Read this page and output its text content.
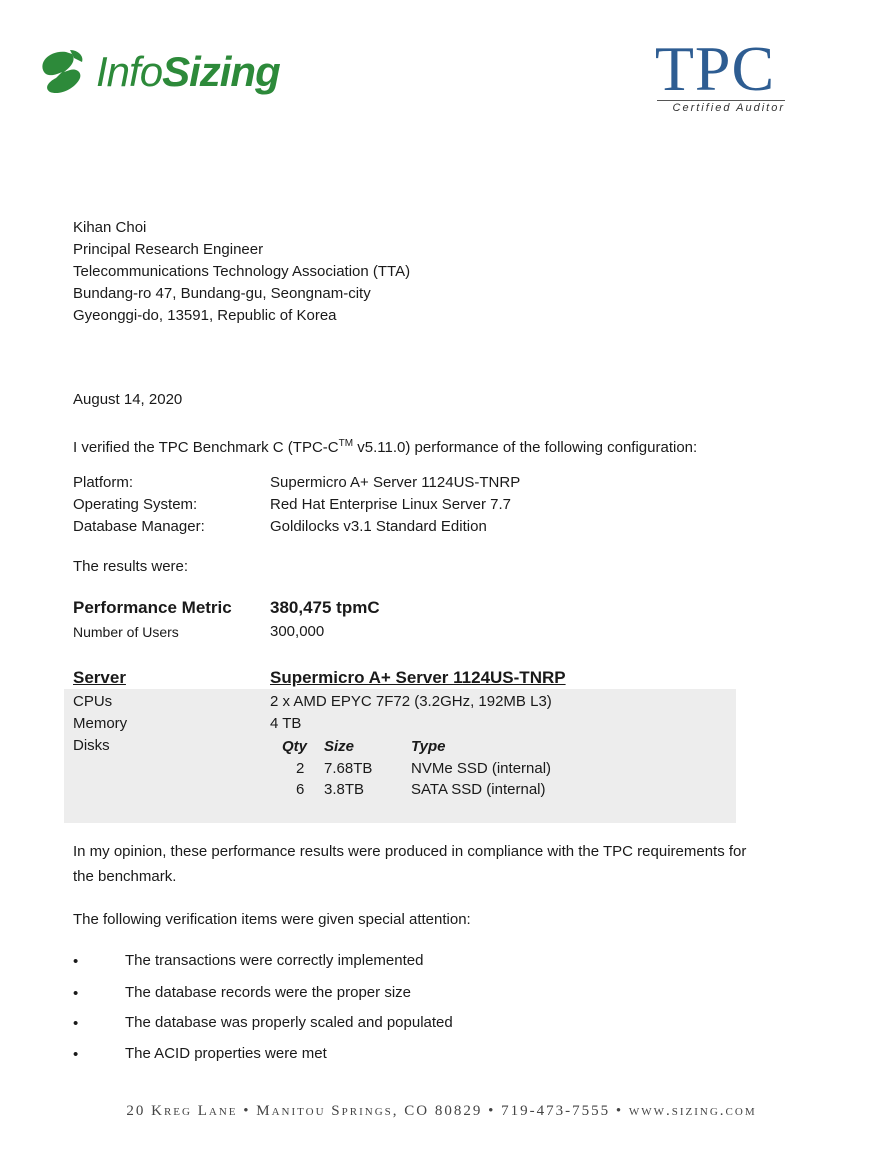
InfoSizing	TPC
Certified Auditor
Kihan Choi
Principal Research Engineer
Telecommunications Technology Association (TTA)
Bundang-ro 47, Bundang-gu, Seongnam-city
Gyeonggi-do, 13591, Republic of Korea
August 14, 2020
I verified the TPC Benchmark C (TPC-C™ v5.11.0) performance of the following configuration:
Platform:	Supermicro A+ Server 1124US-TNRP
Operating System:	Red Hat Enterprise Linux Server 7.7
Database Manager:	Goldilocks v3.1 Standard Edition
The results were:
Performance Metric 380,475 tpmC
Number of Users	300,000
Server	Supermicro A+ Server 1124US-TNRP
CPUs	2 x AMD EPYC 7F72 (3.2GHz, 192MB L3)
Memory	4 TB
Disks	Qty Size	Type
2 7.68TB	NVMe SSD (internal)
6 3.8TB	SATA SSD (internal)
In my opinion, these performance results were produced in compliance with the TPC requirements for
the benchmark.
The following verification items were given special attention:
•	The transactions were correctly implemented
•	The database records were the proper size
•	The database was properly scaled and populated
•	The ACID properties were met
20 Kreg Lane • Manitou Springs, CO 80829 • 719-473-7555 • www.sizing.com
